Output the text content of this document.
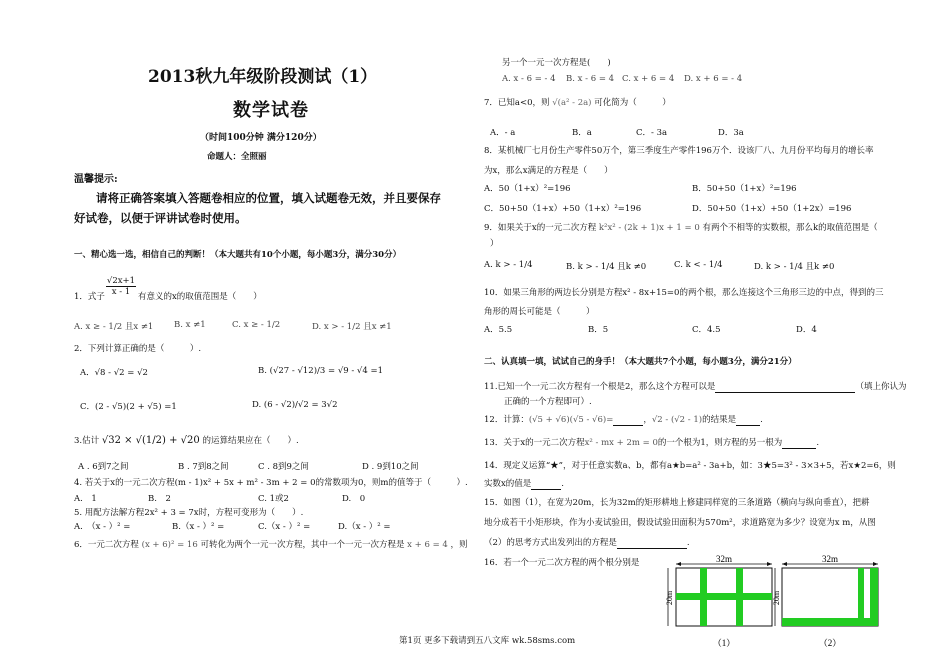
2013秋九年级阶段测试（1）
数学试卷
（时间100分钟 满分120分）
命题人：全照丽
温馨提示:
请将正确答案填入答题卷相应的位置，填入试题卷无效，并且要保存
好试卷，以便于评讲试卷时使用。
一、精心选一选，相信自己的判断！（本大题共有10个小题，每小题3分，满分30分）
1．式子 $\frac{√2x+1}{x - 1}$ 有意义的x的取值范围是（　　）
A. x ≥ - 1/2 且x ≠1 B. x ≠1	C. x ≥ - 1/2	D. x > - 1/2 且x ≠1
2．下列计算正确的是（　　　）.
A．√8 - √2 = √2	B. (√27 - √12)/3 = √9 - √4 =1
C．(2 - √5)(2 + √5) =1	D. (6 - √2)/√2 = 3√2
3.估计 √32 × √(1/2) + √20 的运算结果应在（　　）.
A . 6到7之间	B . 7到8之间	C . 8到9之间	D . 9到10之间
4. 若关于x的一元二次方程(m - 1)x² + 5x + m² - 3m + 2 = 0的常数项为0，则m的值等于（　　　）.
A.　1	B.　2	C. 1或2	D.　0
5. 用配方法解方程2x² + 3 = 7x时，方程可变形为（　　）.
A.　（x - ）² =	B.（x - ）² =	C.（x - ）² =	D.（x - ）² =
6．一元二次方程 (x + 6)² = 16 可转化为两个一元一次方程，其中一个一元一次方程是 x + 6 = 4 ，则
另一个一元一次方程是(　　)
A. x - 6 = - 4 B. x - 6 = 4 C. x + 6 = 4 D. x + 6 = - 4
7．已知a<0，则 √(a² - 2a) 可化简为（　　　）
A．- a	B．a	C．- 3a	D．3a
8．某机械厂七月份生产零件50万个，第三季度生产零件196万个．设该厂八、九月份平均每月的增长率
为x，那么x满足的方程是（　　）
A．50（1+x）²=196	B．50+50（1+x）²=196
C．50+50（1+x）+50（1+x）²=196	D．50+50（1+x）+50（1+2x）=196
9．如果关于x的一元二次方程 k²x² - (2k + 1)x + 1 = 0 有两个不相等的实数根，那么k的取值范围是（
）
A. k > - 1/4	B. k > - 1/4 且k ≠0	C. k < - 1/4	D. k > - 1/4 且k ≠0
10．如果三角形的两边长分别是方程x² - 8x+15=0的两个根，那么连接这个三角形三边的中点，得到的三
角形的周长可能是（　　　）
A．5.5	B．5	C．4.5	D．4
二、认真填一填，试试自己的身手！（本大题共7个小题，每小题3分，满分21分）
11.已知一个一元二次方程有一个根是2，那么这个方程可以是	（填上你认为
正确的一个方程即可）.
12．计算：(√5 + √6)(√5 - √6)=	，√2 - (√2 - 1)的结果是	.
13．关于x的一元二次方程x² - mx + 2m = 0的一个根为1，则方程的另一根为	.
14．现定义运算“★”，对于任意实数a、b，都有a★b=a² - 3a+b，如：3★5=3² - 3×3+5，若x★2=6，则
实数x的值是	.
15．如图（1），在宽为20m，长为32m的矩形耕地上修建同样宽的三条道路（横向与纵向垂直），把耕
地分成若干小矩形块，作为小麦试验田，假设试验田面积为570m²，求道路宽为多少？设宽为x m，从图
（2）的思考方式出发列出的方程是	.
16．若一个一元二次方程的两个根分别是	32m
20m
（1）
32m
20m
（2）
第1页 更多下载请到五八文库 wk.58sms.com
